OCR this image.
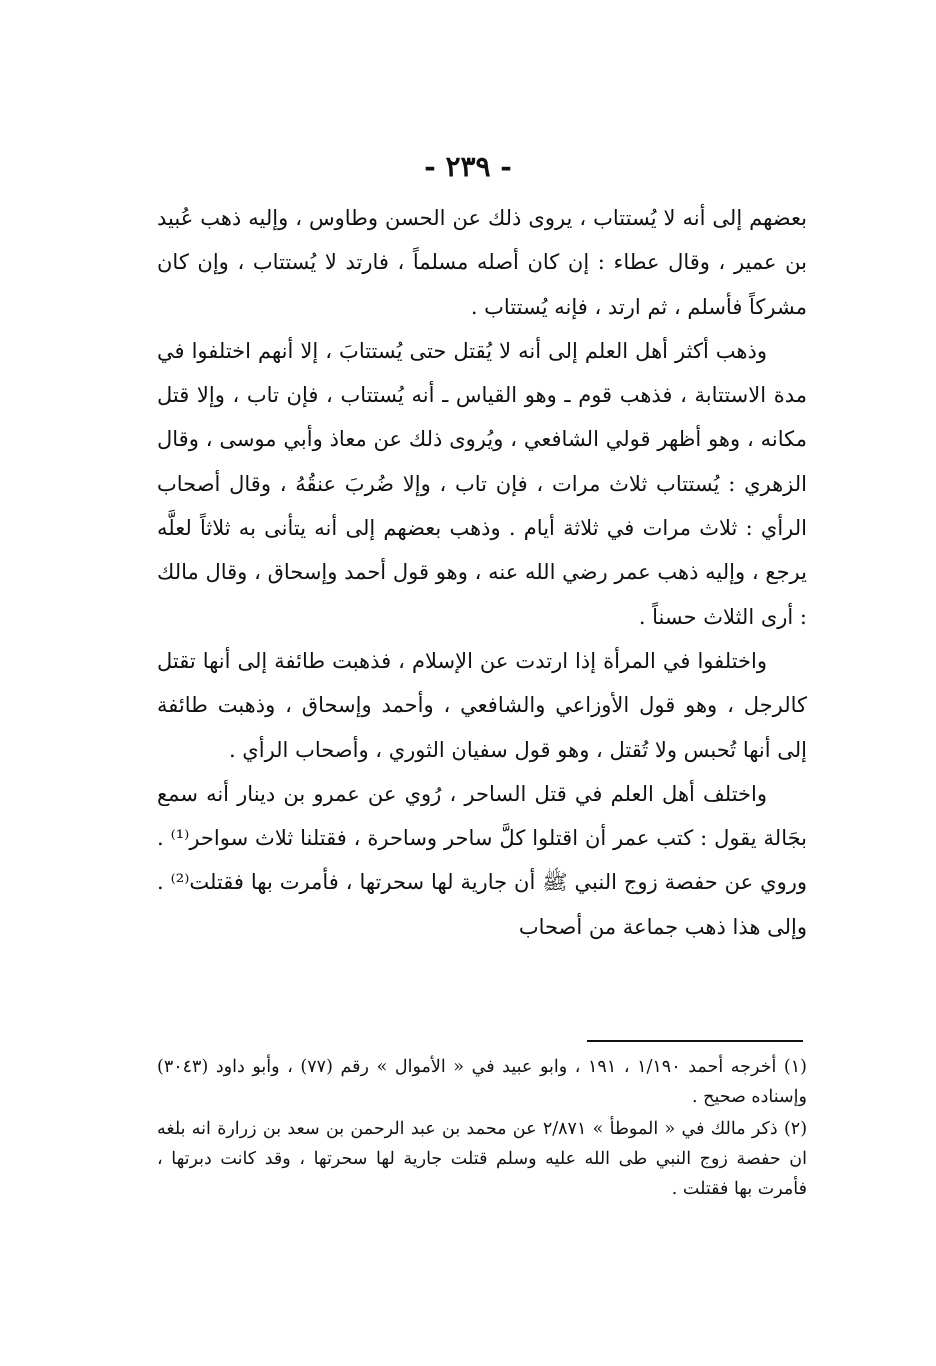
- ٢٣٩ -

بعضهم إلى أنه لا يُستتاب ، يروى ذلك عن الحسن وطاوس ، وإليه ذهب عُبيد بن عمير ، وقال عطاء : إن كان أصله مسلماً ، فارتد لا يُستتاب ، وإن كان مشركاً فأسلم ، ثم ارتد ، فإنه يُستتاب .

وذهب أكثر أهل العلم إلى أنه لا يُقتل حتى يُستتابَ ، إلا أنهم اختلفوا في مدة الاستتابة ، فذهب قوم ـ وهو القياس ـ أنه يُستتاب ، فإن تاب ، وإلا قتل مكانه ، وهو أظهر قولي الشافعي ، ويُروى ذلك عن معاذ وأبي موسى ، وقال الزهري : يُستتاب ثلاث مرات ، فإن تاب ، وإلا ضُربَ عنقُهُ ، وقال أصحاب الرأي : ثلاث مرات في ثلاثة أيام . وذهب بعضهم إلى أنه يتأنى به ثلاثاً لعلَّه يرجع ، وإليه ذهب عمر رضي الله عنه ، وهو قول أحمد وإسحاق ، وقال مالك : أرى الثلاث حسناً .

واختلفوا في المرأة إذا ارتدت عن الإسلام ، فذهبت طائفة إلى أنها تقتل كالرجل ، وهو قول الأوزاعي والشافعي ، وأحمد وإسحاق ، وذهبت طائفة إلى أنها تُحبس ولا تُقتل ، وهو قول سفيان الثوري ، وأصحاب الرأي .

واختلف أهل العلم في قتل الساحر ، رُوي عن عمرو بن دينار أنه سمع بجَالة يقول : كتب عمر أن اقتلوا كلَّ ساحر وساحرة ، فقتلنا ثلاث سواحر⁽¹⁾ . وروي عن حفصة زوج النبي ﷺ أن جارية لها سحرتها ، فأمرت بها فقتلت⁽²⁾ . وإلى هذا ذهب جماعة من أصحاب

(١) أخرجه أحمد ١/١٩٠ ، ١٩١ ، وابو عبيد في « الأموال » رقم (٧٧) ، وأبو داود (٣٠٤٣) وإسناده صحيح .

(٢) ذكر مالك في « الموطأ » ٢/٨٧١ عن محمد بن عبد الرحمن بن سعد بن زرارة انه بلغه ان حفصة زوج النبي طى الله عليه وسلم قتلت جارية لها سحرتها ، وقد كانت دبرتها ، فأمرت بها فقتلت .
